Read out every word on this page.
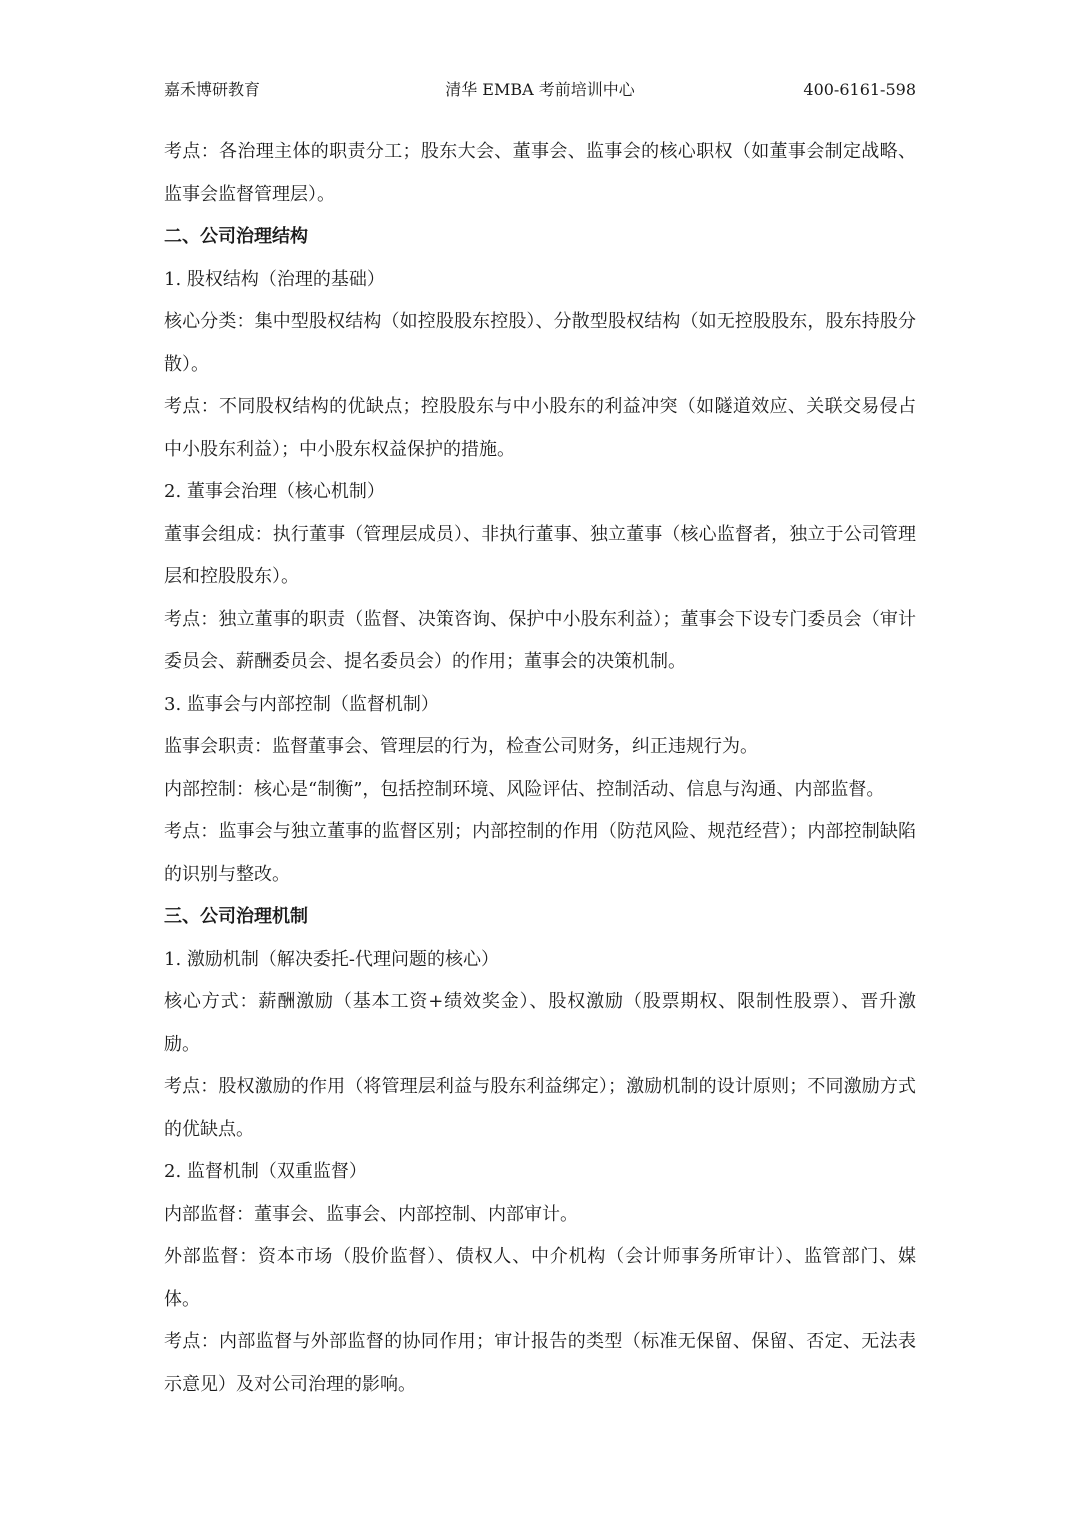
嘉禾博研教育	清华 EMBA 考前培训中心	400-6161-598

考点：各治理主体的职责分工；股东大会、董事会、监事会的核心职权（如董事会制定战略、监事会监督管理层）。

二、公司治理结构

1. 股权结构（治理的基础）

核心分类：集中型股权结构（如控股股东控股）、分散型股权结构（如无控股股东，股东持股分散）。

考点：不同股权结构的优缺点；控股股东与中小股东的利益冲突（如隧道效应、关联交易侵占中小股东利益）；中小股东权益保护的措施。

2. 董事会治理（核心机制）

董事会组成：执行董事（管理层成员）、非执行董事、独立董事（核心监督者，独立于公司管理层和控股股东）。

考点：独立董事的职责（监督、决策咨询、保护中小股东利益）；董事会下设专门委员会（审计委员会、薪酬委员会、提名委员会）的作用；董事会的决策机制。

3. 监事会与内部控制（监督机制）

监事会职责：监督董事会、管理层的行为，检查公司财务，纠正违规行为。

内部控制：核心是“制衡”，包括控制环境、风险评估、控制活动、信息与沟通、内部监督。

考点：监事会与独立董事的监督区别；内部控制的作用（防范风险、规范经营）；内部控制缺陷的识别与整改。

三、公司治理机制

1. 激励机制（解决委托-代理问题的核心）

核心方式：薪酬激励（基本工资+绩效奖金）、股权激励（股票期权、限制性股票）、晋升激励。

考点：股权激励的作用（将管理层利益与股东利益绑定）；激励机制的设计原则；不同激励方式的优缺点。

2. 监督机制（双重监督）

内部监督：董事会、监事会、内部控制、内部审计。

外部监督：资本市场（股价监督）、债权人、中介机构（会计师事务所审计）、监管部门、媒体。

考点：内部监督与外部监督的协同作用；审计报告的类型（标准无保留、保留、否定、无法表示意见）及对公司治理的影响。
